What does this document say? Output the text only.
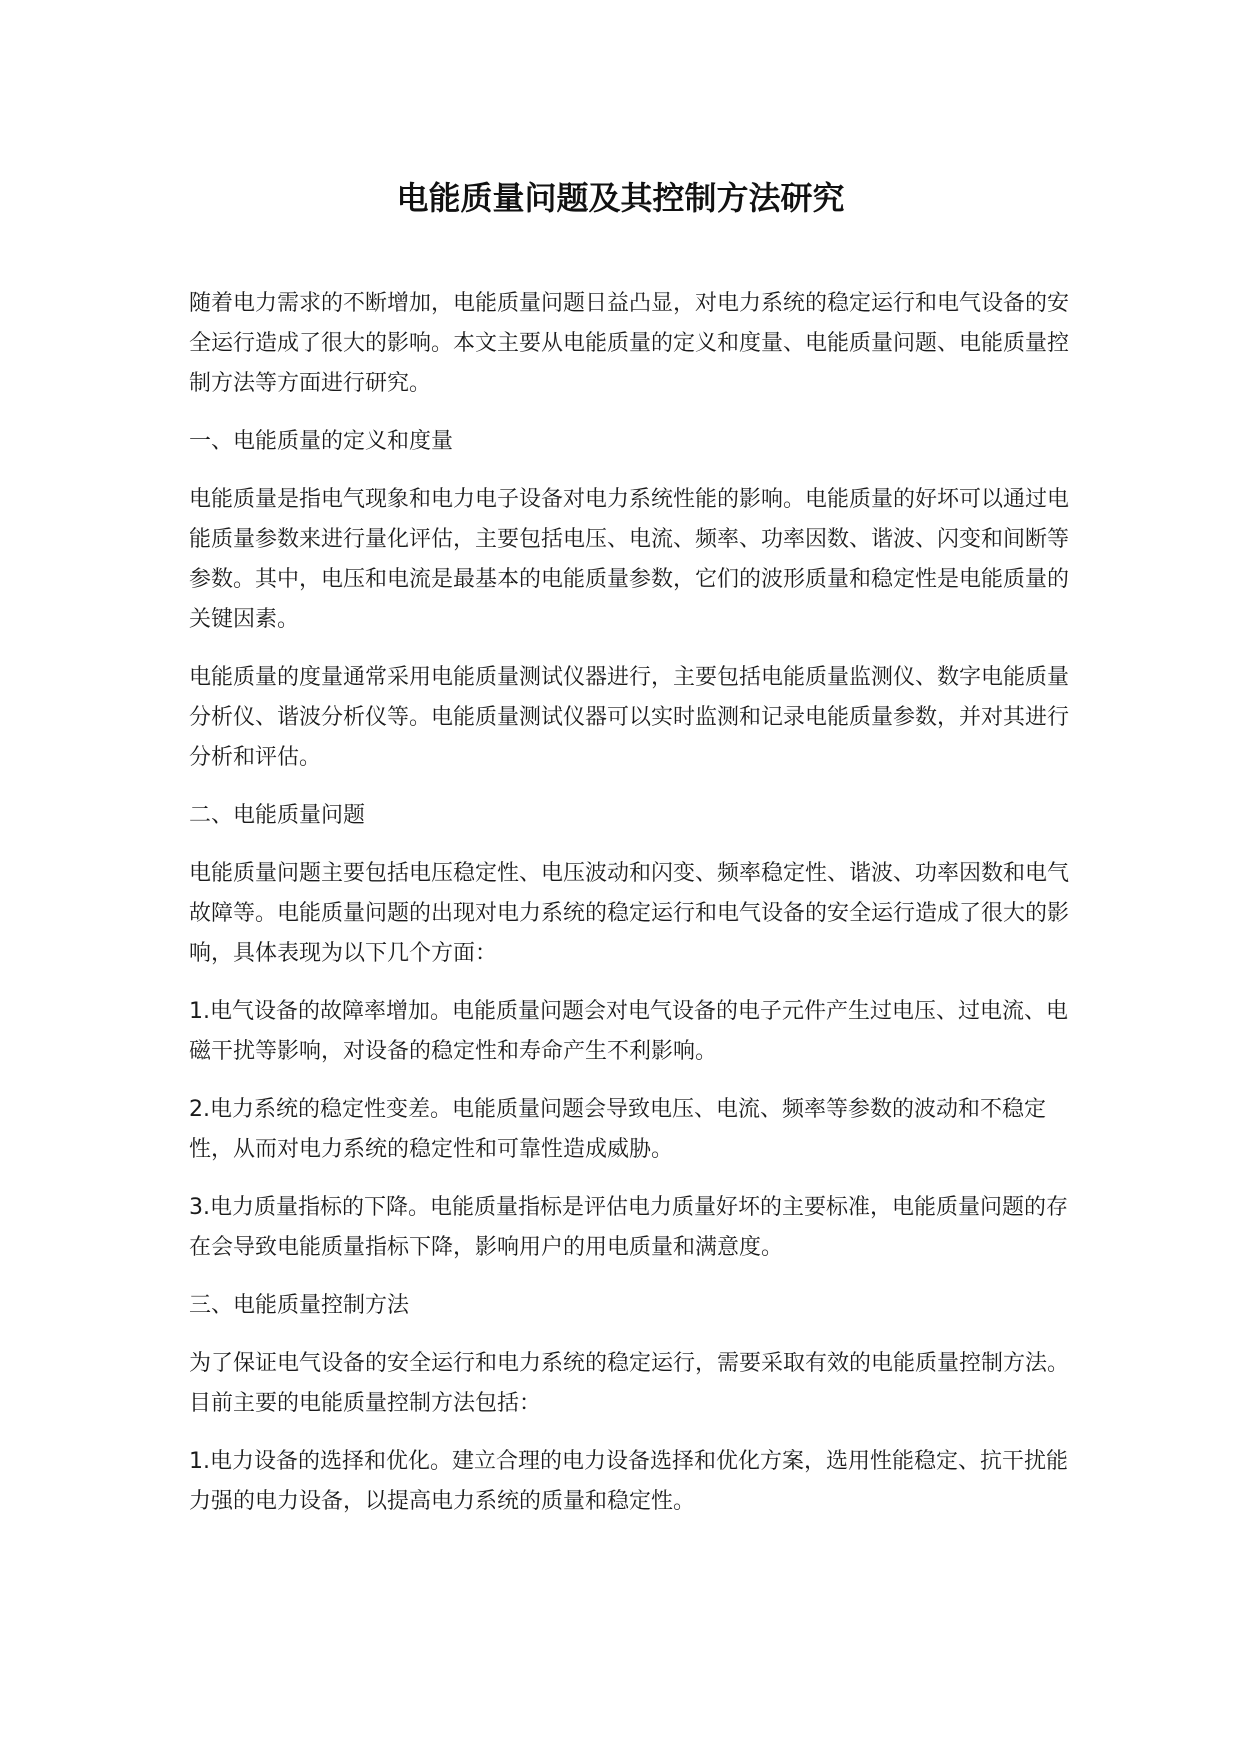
电能质量问题及其控制方法研究

随着电力需求的不断增加，电能质量问题日益凸显，对电力系统的稳定运行和电气设备的安全运行造成了很大的影响。本文主要从电能质量的定义和度量、电能质量问题、电能质量控制方法等方面进行研究。

一、电能质量的定义和度量

电能质量是指电气现象和电力电子设备对电力系统性能的影响。电能质量的好坏可以通过电能质量参数来进行量化评估，主要包括电压、电流、频率、功率因数、谐波、闪变和间断等参数。其中，电压和电流是最基本的电能质量参数，它们的波形质量和稳定性是电能质量的关键因素。

电能质量的度量通常采用电能质量测试仪器进行，主要包括电能质量监测仪、数字电能质量分析仪、谐波分析仪等。电能质量测试仪器可以实时监测和记录电能质量参数，并对其进行分析和评估。

二、电能质量问题

电能质量问题主要包括电压稳定性、电压波动和闪变、频率稳定性、谐波、功率因数和电气故障等。电能质量问题的出现对电力系统的稳定运行和电气设备的安全运行造成了很大的影响，具体表现为以下几个方面：

1.电气设备的故障率增加。电能质量问题会对电气设备的电子元件产生过电压、过电流、电磁干扰等影响，对设备的稳定性和寿命产生不利影响。

2.电力系统的稳定性变差。电能质量问题会导致电压、电流、频率等参数的波动和不稳定性，从而对电力系统的稳定性和可靠性造成威胁。

3.电力质量指标的下降。电能质量指标是评估电力质量好坏的主要标准，电能质量问题的存在会导致电能质量指标下降，影响用户的用电质量和满意度。

三、电能质量控制方法

为了保证电气设备的安全运行和电力系统的稳定运行，需要采取有效的电能质量控制方法。目前主要的电能质量控制方法包括：

1.电力设备的选择和优化。建立合理的电力设备选择和优化方案，选用性能稳定、抗干扰能力强的电力设备，以提高电力系统的质量和稳定性。
